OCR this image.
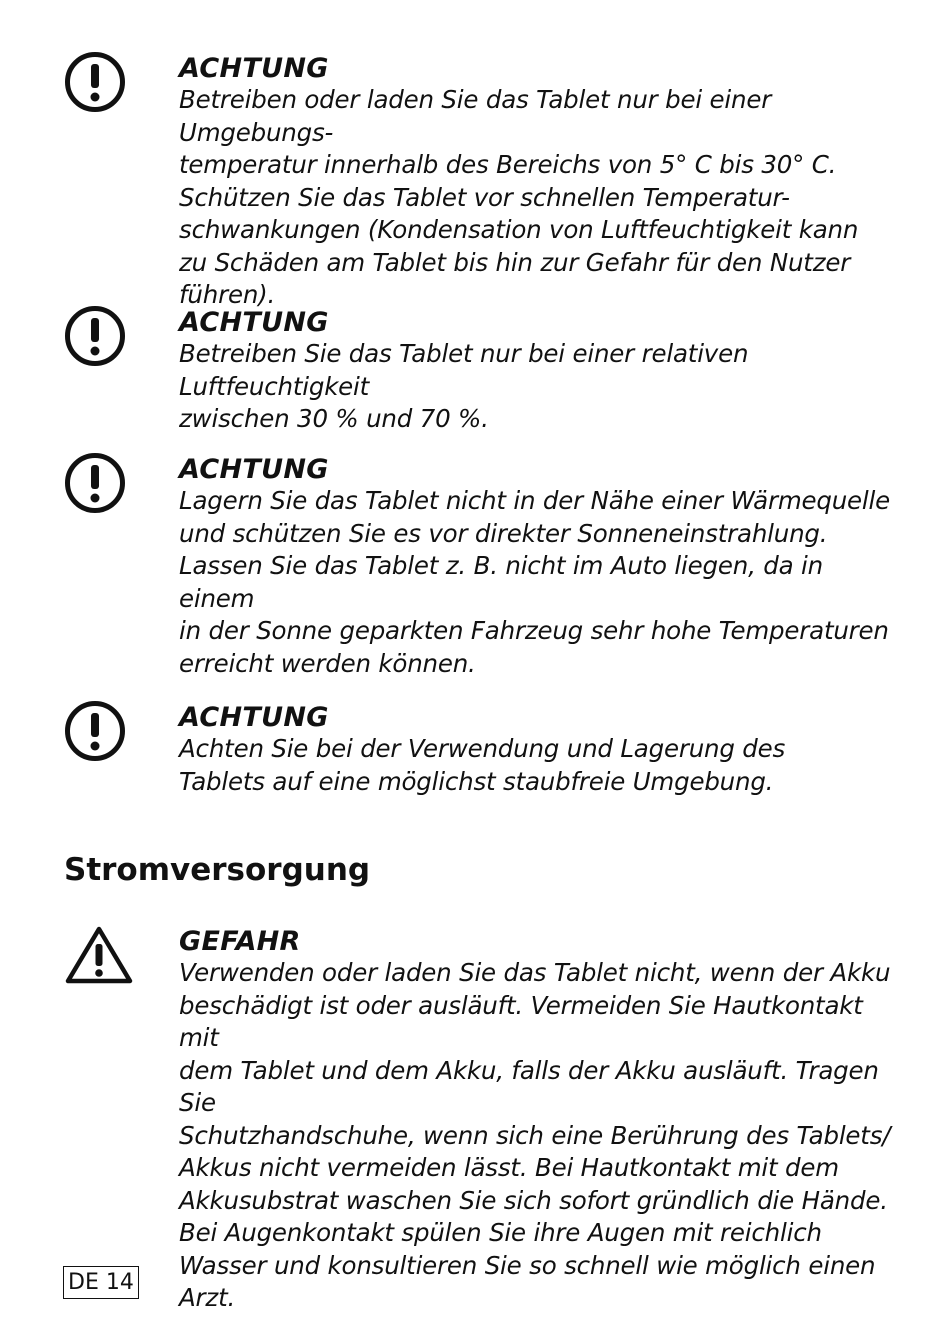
ACHTUNG

Betreiben oder laden Sie das Tablet nur bei einer Umgebungs-
temperatur innerhalb des Bereichs von 5° C bis 30° C.
Schützen Sie das Tablet vor schnellen Temperatur-
schwankungen (Kondensation von Luftfeuchtigkeit kann
zu Schäden am Tablet bis hin zur Gefahr für den Nutzer führen).

ACHTUNG

Betreiben Sie das Tablet nur bei einer relativen Luftfeuchtigkeit
zwischen 30 % und 70 %.

ACHTUNG

Lagern Sie das Tablet nicht in der Nähe einer Wärmequelle
und schützen Sie es vor direkter Sonneneinstrahlung.
Lassen Sie das Tablet z. B. nicht im Auto liegen, da in einem
in der Sonne geparkten Fahrzeug sehr hohe Temperaturen
erreicht werden können.

ACHTUNG

Achten Sie bei der Verwendung und Lagerung des
Tablets auf eine möglichst staubfreie Umgebung.

Stromversorgung

GEFAHR

Verwenden oder laden Sie das Tablet nicht, wenn der Akku
beschädigt ist oder ausläuft. Vermeiden Sie Hautkontakt mit
dem Tablet und dem Akku, falls der Akku ausläuft. Tragen Sie
Schutzhandschuhe, wenn sich eine Berührung des Tablets/
Akkus nicht vermeiden lässt. Bei Hautkontakt mit dem
Akkusubstrat waschen Sie sich sofort gründlich die Hände.
Bei Augenkontakt spülen Sie ihre Augen mit reichlich
Wasser und konsultieren Sie so schnell wie möglich einen Arzt.

DE 14
